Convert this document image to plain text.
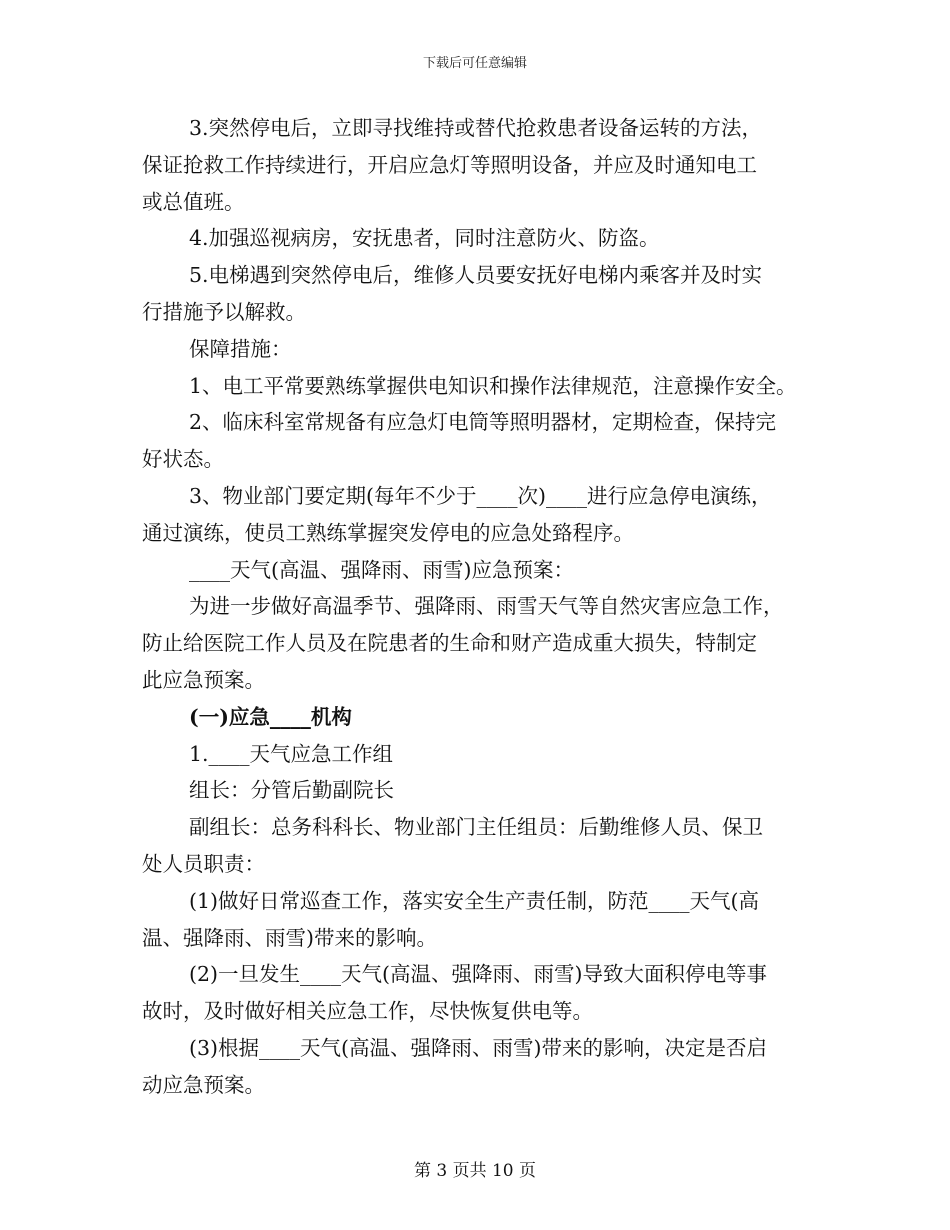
下载后可任意编辑
3.突然停电后，立即寻找维持或替代抢救患者设备运转的方法，
保证抢救工作持续进行，开启应急灯等照明设备，并应及时通知电工
或总值班。
4.加强巡视病房，安抚患者，同时注意防火、防盗。
5.电梯遇到突然停电后，维修人员要安抚好电梯内乘客并及时实
行措施予以解救。
保障措施：
1、电工平常要熟练掌握供电知识和操作法律规范，注意操作安全。
2、临床科室常规备有应急灯电筒等照明器材，定期检查，保持完
好状态。
3、物业部门要定期(每年不少于____次)____进行应急停电演练，
通过演练，使员工熟练掌握突发停电的应急处臵程序。
____天气(高温、强降雨、雨雪)应急预案：
为进一步做好高温季节、强降雨、雨雪天气等自然灾害应急工作，
防止给医院工作人员及在院患者的生命和财产造成重大损失，特制定
此应急预案。
(一)应急____机构
1.____天气应急工作组
组长：分管后勤副院长
副组长：总务科科长、物业部门主任组员：后勤维修人员、保卫
处人员职责：
(1)做好日常巡查工作，落实安全生产责任制，防范____天气(高
温、强降雨、雨雪)带来的影响。
(2)一旦发生____天气(高温、强降雨、雨雪)导致大面积停电等事
故时，及时做好相关应急工作，尽快恢复供电等。
(3)根据____天气(高温、强降雨、雨雪)带来的影响，决定是否启
动应急预案。
第 3 页共 10 页
